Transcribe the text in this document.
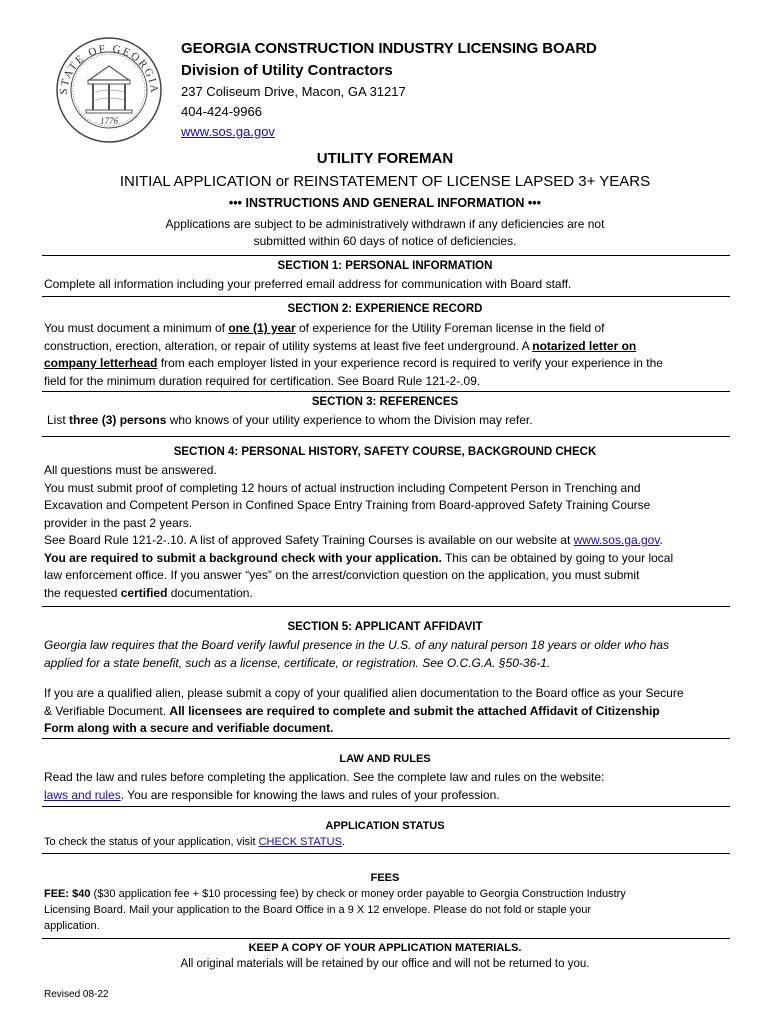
STATE OF GEORGIA
1776
GEORGIA CONSTRUCTION INDUSTRY LICENSING BOARD
Division of Utility Contractors
237 Coliseum Drive, Macon, GA 31217
404-424-9966
www.sos.ga.gov
UTILITY FOREMAN
INITIAL APPLICATION or REINSTATEMENT OF LICENSE LAPSED 3+ YEARS
••• INSTRUCTIONS AND GENERAL INFORMATION •••
Applications are subject to be administratively withdrawn if any deficiencies are not
submitted within 60 days of notice of deficiencies.
SECTION 1: PERSONAL INFORMATION
Complete all information including your preferred email address for communication with Board staff.
SECTION 2: EXPERIENCE RECORD
You must document a minimum of one (1) year of experience for the Utility Foreman license in the field of
construction, erection, alteration, or repair of utility systems at least five feet underground. A notarized letter on
company letterhead from each employer listed in your experience record is required to verify your experience in the
field for the minimum duration required for certification. See Board Rule 121-2-.09.
SECTION 3: REFERENCES
List three (3) persons who knows of your utility experience to whom the Division may refer.
SECTION 4: PERSONAL HISTORY, SAFETY COURSE, BACKGROUND CHECK
All questions must be answered.
You must submit proof of completing 12 hours of actual instruction including Competent Person in Trenching and
Excavation and Competent Person in Confined Space Entry Training from Board-approved Safety Training Course
provider in the past 2 years.
See Board Rule 121-2-.10. A list of approved Safety Training Courses is available on our website at www.sos.ga.gov.
You are required to submit a background check with your application. This can be obtained by going to your local
law enforcement office. If you answer “yes” on the arrest/conviction question on the application, you must submit
the requested certified documentation.
SECTION 5: APPLICANT AFFIDAVIT
Georgia law requires that the Board verify lawful presence in the U.S. of any natural person 18 years or older who has
applied for a state benefit, such as a license, certificate, or registration. See O.C.G.A. §50-36-1.
If you are a qualified alien, please submit a copy of your qualified alien documentation to the Board office as your Secure
& Verifiable Document. All licensees are required to complete and submit the attached Affidavit of Citizenship
Form along with a secure and verifiable document.
LAW AND RULES
Read the law and rules before completing the application. See the complete law and rules on the website:
laws and rules. You are responsible for knowing the laws and rules of your profession.
APPLICATION STATUS
To check the status of your application, visit CHECK STATUS.
FEES
FEE: $40 ($30 application fee + $10 processing fee) by check or money order payable to Georgia Construction Industry
Licensing Board. Mail your application to the Board Office in a 9 X 12 envelope. Please do not fold or staple your
application.
KEEP A COPY OF YOUR APPLICATION MATERIALS.
All original materials will be retained by our office and will not be returned to you.
Revised 08-22
